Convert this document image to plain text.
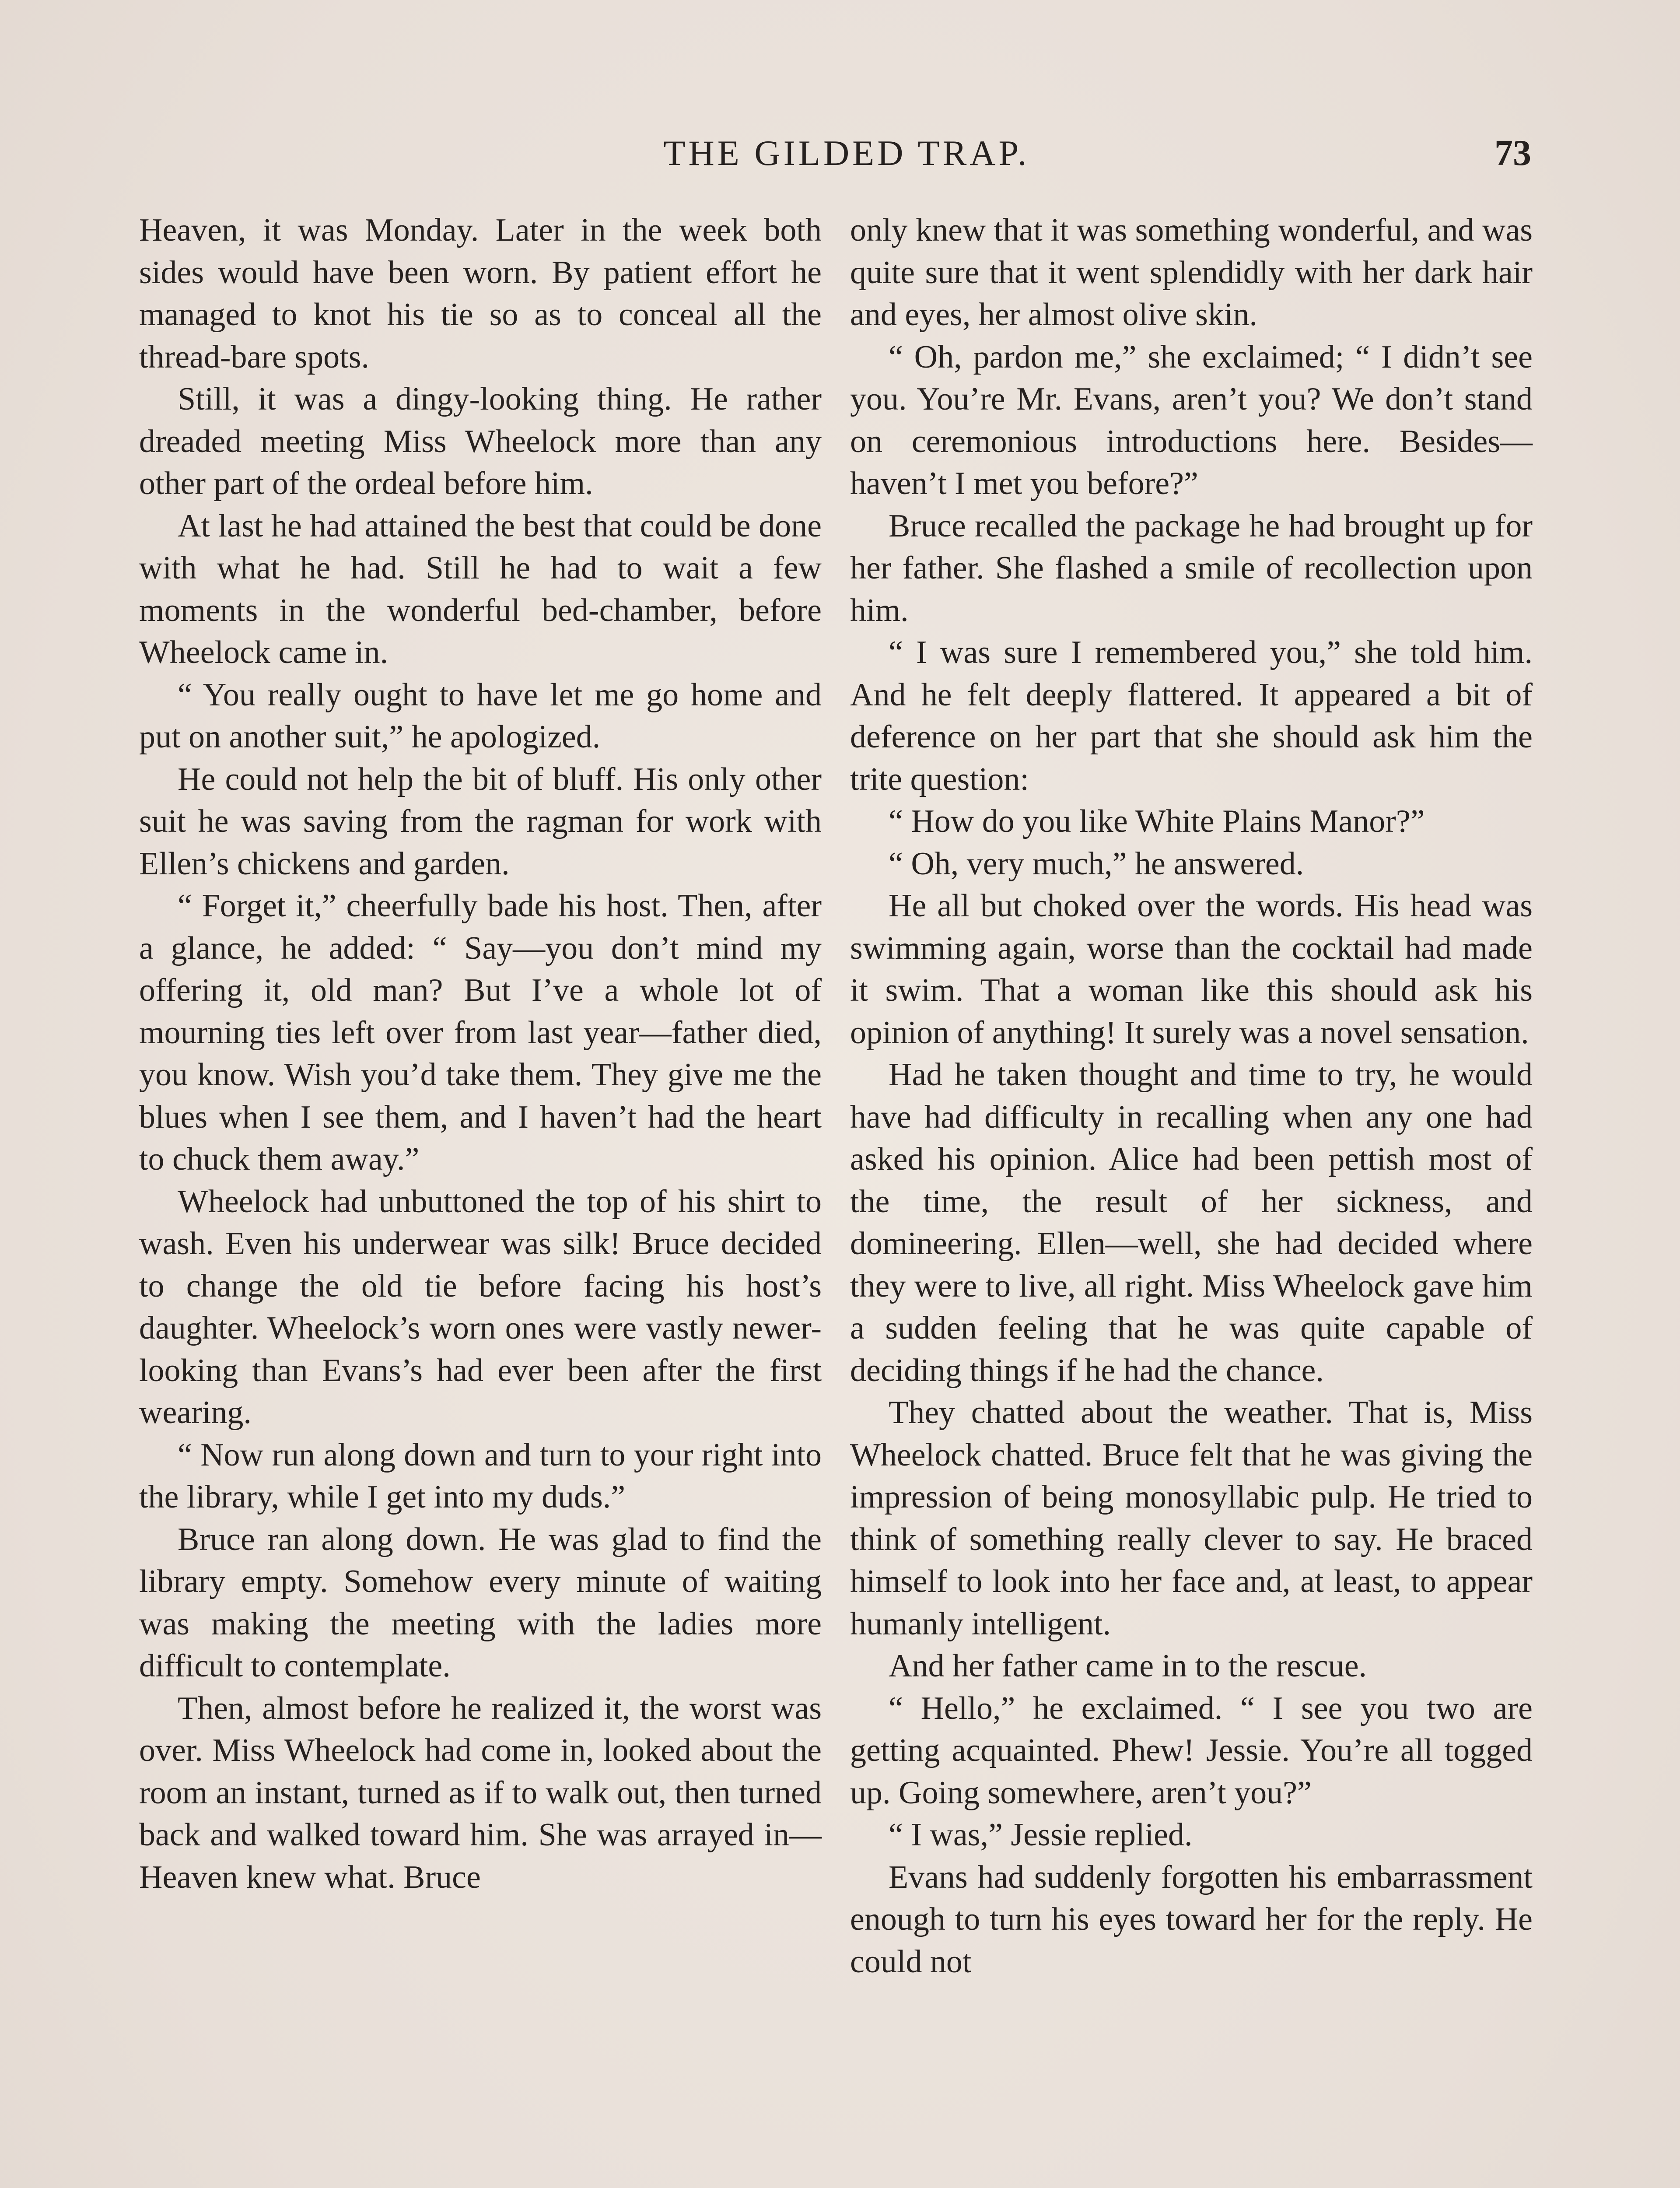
THE GILDED TRAP.	73

Heaven, it was Monday. Later in the week both sides would have been worn. By patient effort he managed to knot his tie so as to conceal all the thread-bare spots.

Still, it was a dingy-looking thing. He rather dreaded meeting Miss Wheelock more than any other part of the ordeal before him.

At last he had attained the best that could be done with what he had. Still he had to wait a few moments in the wonderful bed-chamber, before Wheelock came in.

“ You really ought to have let me go home and put on another suit,” he apologized.

He could not help the bit of bluff. His only other suit he was saving from the ragman for work with Ellen’s chickens and garden.

“ Forget it,” cheerfully bade his host. Then, after a glance, he added: “ Say—you don’t mind my offering it, old man? But I’ve a whole lot of mourning ties left over from last year—father died, you know. Wish you’d take them. They give me the blues when I see them, and I haven’t had the heart to chuck them away.”

Wheelock had unbuttoned the top of his shirt to wash. Even his underwear was silk! Bruce decided to change the old tie before facing his host’s daughter. Wheelock’s worn ones were vastly newer-looking than Evans’s had ever been after the first wearing.

“ Now run along down and turn to your right into the library, while I get into my duds.”

Bruce ran along down. He was glad to find the library empty. Somehow every minute of waiting was making the meeting with the ladies more difficult to contemplate.

Then, almost before he realized it, the worst was over. Miss Wheelock had come in, looked about the room an instant, turned as if to walk out, then turned back and walked toward him. She was arrayed in—Heaven knew what. Bruce

only knew that it was something wonderful, and was quite sure that it went splendidly with her dark hair and eyes, her almost olive skin.

“ Oh, pardon me,” she exclaimed; “ I didn’t see you. You’re Mr. Evans, aren’t you? We don’t stand on ceremonious introductions here. Besides—haven’t I met you before?”

Bruce recalled the package he had brought up for her father. She flashed a smile of recollection upon him.

“ I was sure I remembered you,” she told him. And he felt deeply flattered. It appeared a bit of deference on her part that she should ask him the trite question:

“ How do you like White Plains Manor?”

“ Oh, very much,” he answered.

He all but choked over the words. His head was swimming again, worse than the cocktail had made it swim. That a woman like this should ask his opinion of anything! It surely was a novel sensation.

Had he taken thought and time to try, he would have had difficulty in recalling when any one had asked his opinion. Alice had been pettish most of the time, the result of her sickness, and domineering. Ellen—well, she had decided where they were to live, all right. Miss Wheelock gave him a sudden feeling that he was quite capable of deciding things if he had the chance.

They chatted about the weather. That is, Miss Wheelock chatted. Bruce felt that he was giving the impression of being monosyllabic pulp. He tried to think of something really clever to say. He braced himself to look into her face and, at least, to appear humanly intelligent.

And her father came in to the rescue.

“ Hello,” he exclaimed. “ I see you two are getting acquainted. Phew! Jessie. You’re all togged up. Going somewhere, aren’t you?”

“ I was,” Jessie replied.

Evans had suddenly forgotten his embarrassment enough to turn his eyes toward her for the reply. He could not
